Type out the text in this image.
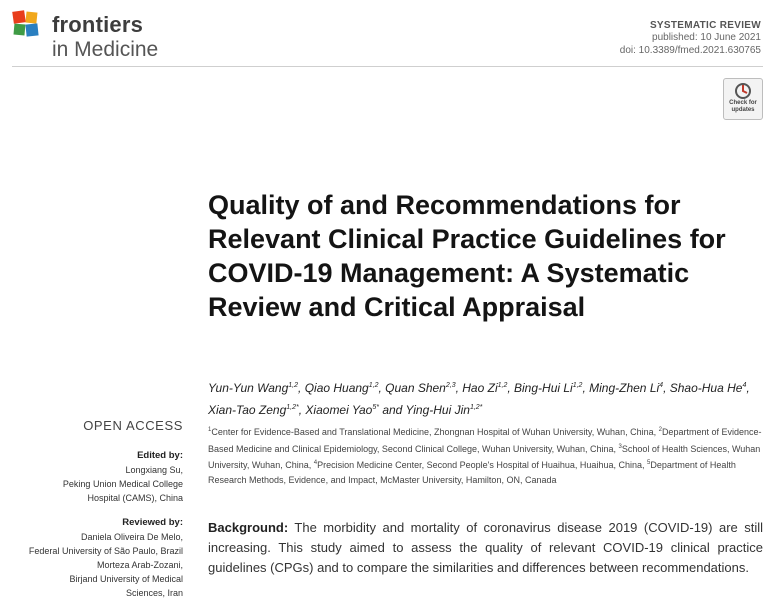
frontiers
in Medicine
SYSTEMATIC REVIEW
published: 10 June 2021
doi: 10.3389/fmed.2021.630765
Check for
updates
Quality of and Recommendations for Relevant Clinical Practice Guidelines for COVID-19 Management: A Systematic Review and Critical Appraisal
Yun-Yun Wang$^{1,2}$, Qiao Huang$^{1,2}$, Quan Shen$^{2,3}$, Hao Zi$^{1,2}$, Bing-Hui Li$^{1,2}$, Ming-Zhen Li$^4$, Shao-Hua He$^4$, Xian-Tao Zeng$^{1,2*}$, Xiaomei Yao$^{5*}$ and Ying-Hui Jin$^{1,2*}$
$^1$Center for Evidence-Based and Translational Medicine, Zhongnan Hospital of Wuhan University, Wuhan, China, $^2$Department of Evidence-Based Medicine and Clinical Epidemiology, Second Clinical College, Wuhan University, Wuhan, China, $^3$School of Health Sciences, Wuhan University, Wuhan, China, $^4$Precision Medicine Center, Second People's Hospital of Huaihua, Huaihua, China, $^5$Department of Health Research Methods, Evidence, and Impact, McMaster University, Hamilton, ON, Canada
OPEN ACCESS
Edited by:
Longxiang Su,
Peking Union Medical College
Hospital (CAMS), China
Reviewed by:
Daniela Oliveira De Melo,
Federal University of São Paulo, Brazil
Morteza Arab-Zozani,
Birjand University of Medical
Sciences, Iran
Background: The morbidity and mortality of coronavirus disease 2019 (COVID-19) are still increasing. This study aimed to assess the quality of relevant COVID-19 clinical practice guidelines (CPGs) and to compare the similarities and differences between recommendations.
